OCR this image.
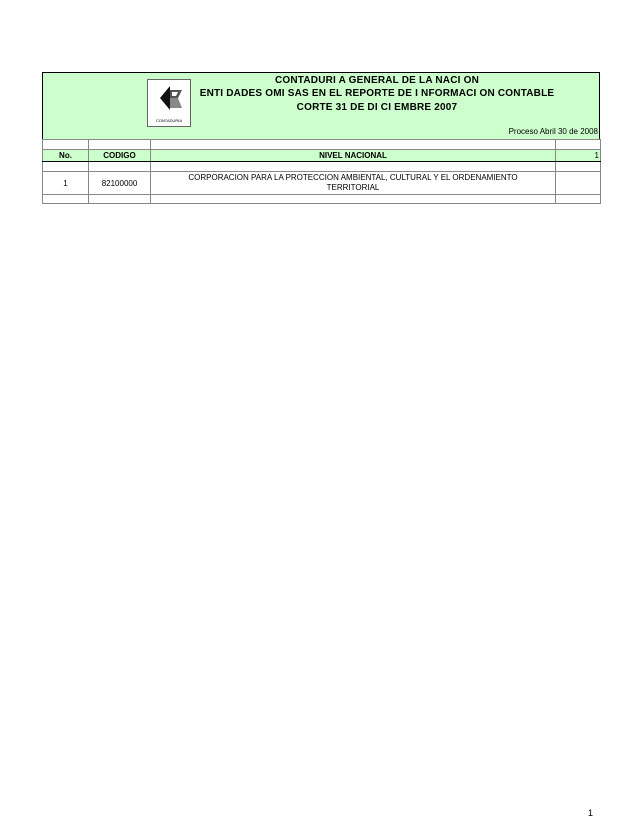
CONTADURIA
CONTADURI A GENERAL DE LA NACI ON
ENTI DADES OMI SAS EN EL REPORTE DE I NFORMACI ON CONTABLE
CORTE 31 DE DI CI EMBRE 2007
Proceso Abril 30 de 2008

No.	CODIGO	NIVEL NACIONAL	1

1	82100000	CORPORACION PARA LA PROTECCION AMBIENTAL, CULTURAL Y EL ORDENAMIENTO
TERRITORIAL	

1
